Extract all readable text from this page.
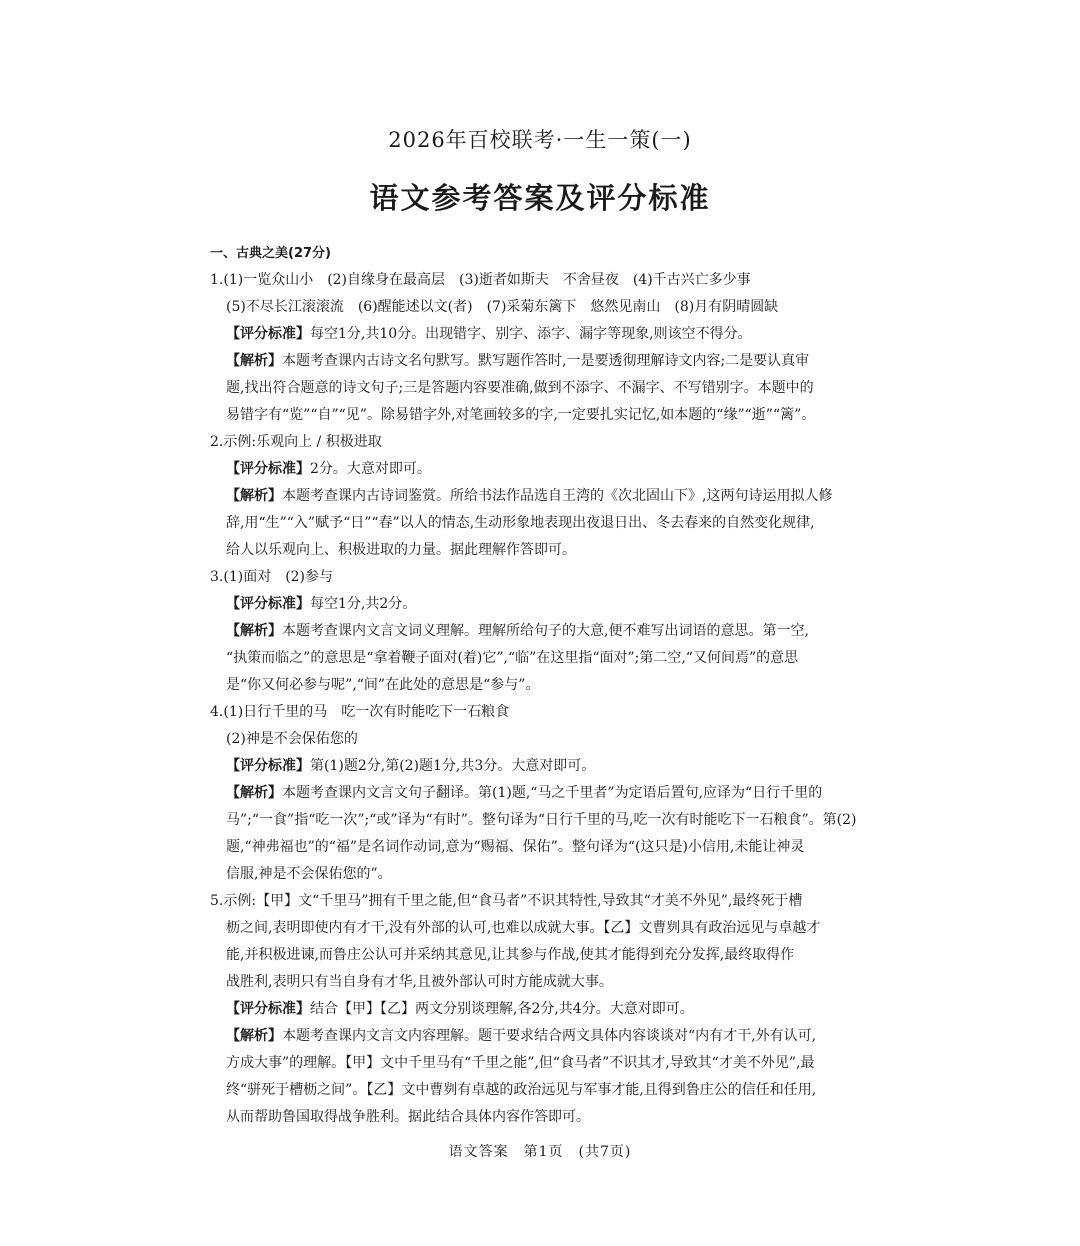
2026年百校联考·一生一策(一)
语文参考答案及评分标准
一、古典之美(27分)
1.(1)一览众山小　(2)自缘身在最高层　(3)逝者如斯夫　不舍昼夜　(4)千古兴亡多少事
(5)不尽长江滚滚流　(6)醒能述以文(者)　(7)采菊东篱下　悠然见南山　(8)月有阴晴圆缺
【评分标准】每空1分,共10分。出现错字、别字、添字、漏字等现象,则该空不得分。
【解析】本题考查课内古诗文名句默写。默写题作答时,一是要透彻理解诗文内容;二是要认真审
题,找出符合题意的诗文句子;三是答题内容要准确,做到不添字、不漏字、不写错别字。本题中的
易错字有“览”“自”“见”。除易错字外,对笔画较多的字,一定要扎实记忆,如本题的“缘”“逝”“篱”。
2.示例:乐观向上 / 积极进取
【评分标准】2分。大意对即可。
【解析】本题考查课内古诗词鉴赏。所给书法作品选自王湾的《次北固山下》,这两句诗运用拟人修
辞,用“生”“入”赋予“日”“春”以人的情态,生动形象地表现出夜退日出、冬去春来的自然变化规律,
给人以乐观向上、积极进取的力量。据此理解作答即可。
3.(1)面对　(2)参与
【评分标准】每空1分,共2分。
【解析】本题考查课内文言文词义理解。理解所给句子的大意,便不难写出词语的意思。第一空,
“执策而临之”的意思是“拿着鞭子面对(着)它”,“临”在这里指“面对”;第二空,“又何间焉”的意思
是“你又何必参与呢”,“间”在此处的意思是“参与”。
4.(1)日行千里的马　吃一次有时能吃下一石粮食
(2)神是不会保佑您的
【评分标准】第(1)题2分,第(2)题1分,共3分。大意对即可。
【解析】本题考查课内文言文句子翻译。第(1)题,“马之千里者”为定语后置句,应译为“日行千里的
马”;“一食”指“吃一次”;“或”译为“有时”。整句译为“日行千里的马,吃一次有时能吃下一石粮食”。第(2)
题,“神弗福也”的“福”是名词作动词,意为“赐福、保佑”。整句译为“(这只是)小信用,未能让神灵
信服,神是不会保佑您的”。
5.示例:【甲】文“千里马”拥有千里之能,但“食马者”不识其特性,导致其“才美不外见”,最终死于槽
枥之间,表明即使内有才干,没有外部的认可,也难以成就大事。【乙】文曹刿具有政治远见与卓越才
能,并积极进谏,而鲁庄公认可并采纳其意见,让其参与作战,使其才能得到充分发挥,最终取得作
战胜利,表明只有当自身有才华,且被外部认可时方能成就大事。
【评分标准】结合【甲】【乙】两文分别谈理解,各2分,共4分。大意对即可。
【解析】本题考查课内文言文内容理解。题干要求结合两文具体内容谈谈对“内有才干,外有认可,
方成大事”的理解。【甲】文中千里马有“千里之能”,但“食马者”不识其才,导致其“才美不外见”,最
终“骈死于槽枥之间”。【乙】文中曹刿有卓越的政治远见与军事才能,且得到鲁庄公的信任和任用,
从而帮助鲁国取得战争胜利。据此结合具体内容作答即可。
语文答案　第1页　(共7页)
